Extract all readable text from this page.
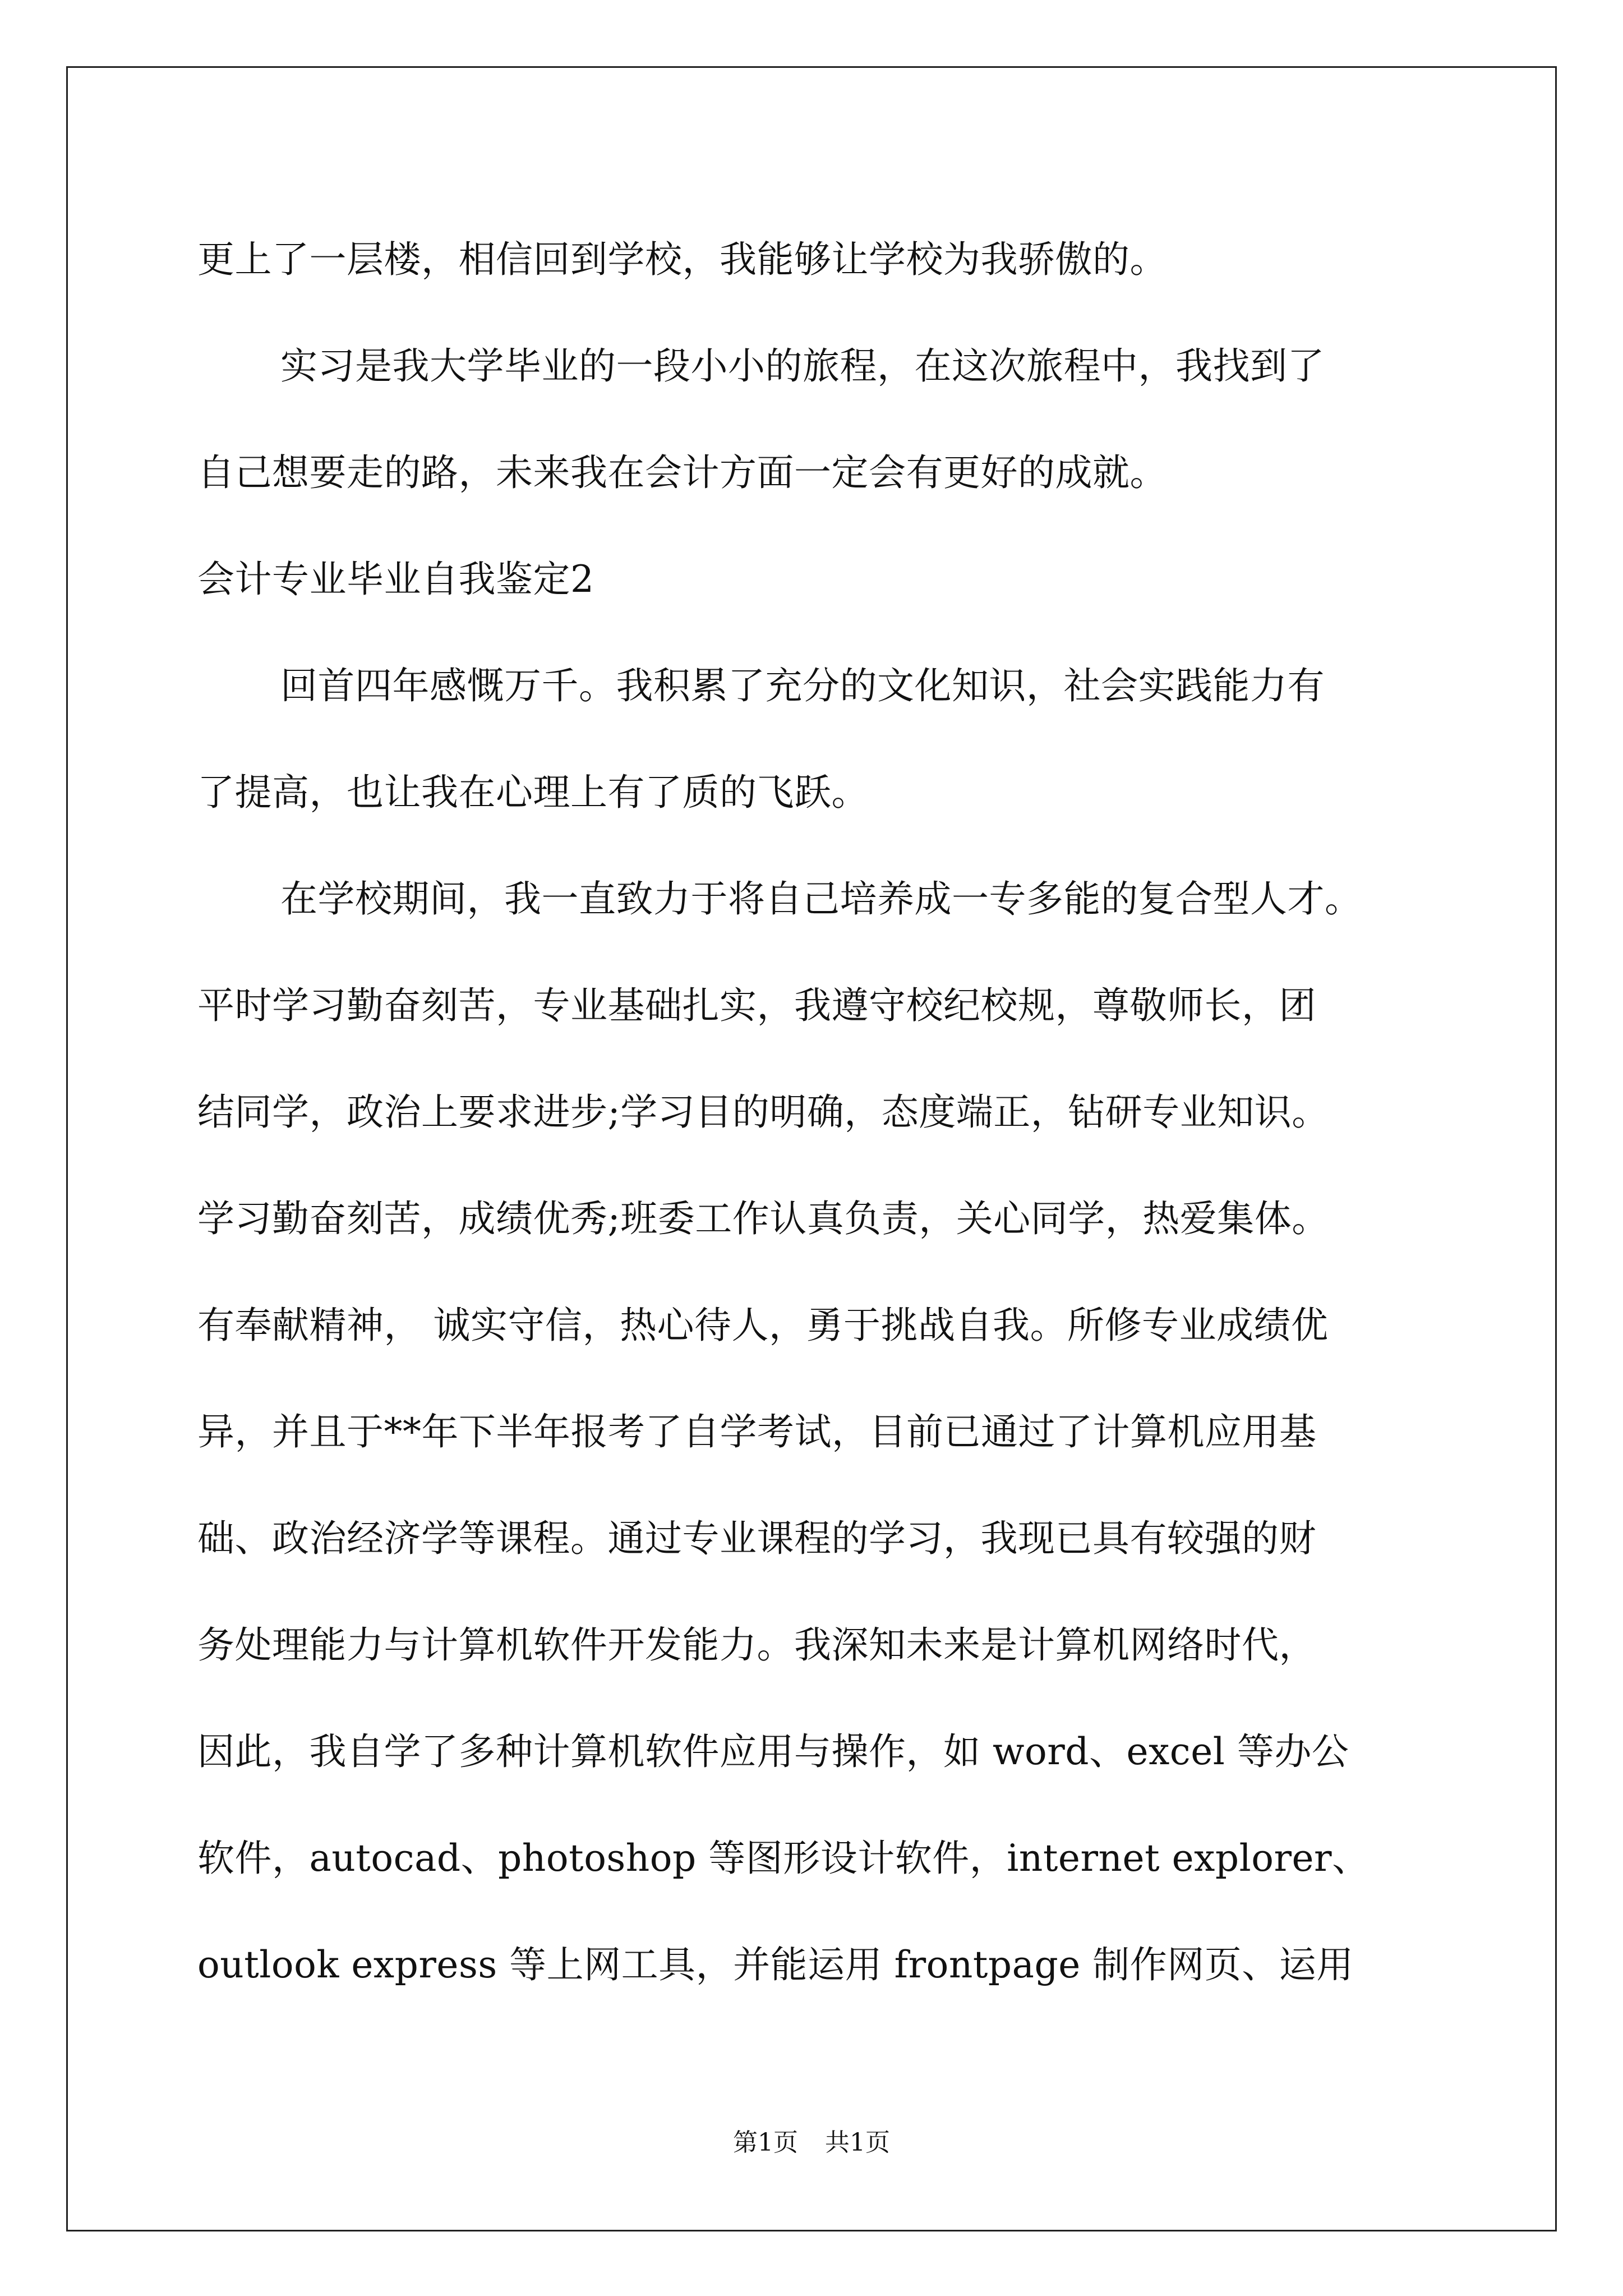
更上了一层楼，相信回到学校，我能够让学校为我骄傲的。
实习是我大学毕业的一段小小的旅程，在这次旅程中，我找到了
自己想要走的路，未来我在会计方面一定会有更好的成就。
会计专业毕业自我鉴定2
回首四年感慨万千。我积累了充分的文化知识，社会实践能力有
了提高，也让我在心理上有了质的飞跃。
在学校期间，我一直致力于将自己培养成一专多能的复合型人才。
平时学习勤奋刻苦，专业基础扎实，我遵守校纪校规，尊敬师长，团
结同学，政治上要求进步;学习目的明确，态度端正，钻研专业知识。
学习勤奋刻苦，成绩优秀;班委工作认真负责，关心同学，热爱集体。
有奉献精神， 诚实守信，热心待人，勇于挑战自我。所修专业成绩优
异，并且于**年下半年报考了自学考试，目前已通过了计算机应用基
础、政治经济学等课程。通过专业课程的学习，我现已具有较强的财
务处理能力与计算机软件开发能力。我深知未来是计算机网络时代，
因此，我自学了多种计算机软件应用与操作，如 word、excel 等办公
软件，autocad、photoshop 等图形设计软件，internet explorer、
outlook express 等上网工具，并能运用 frontpage 制作网页、运用
第1页 共1页
